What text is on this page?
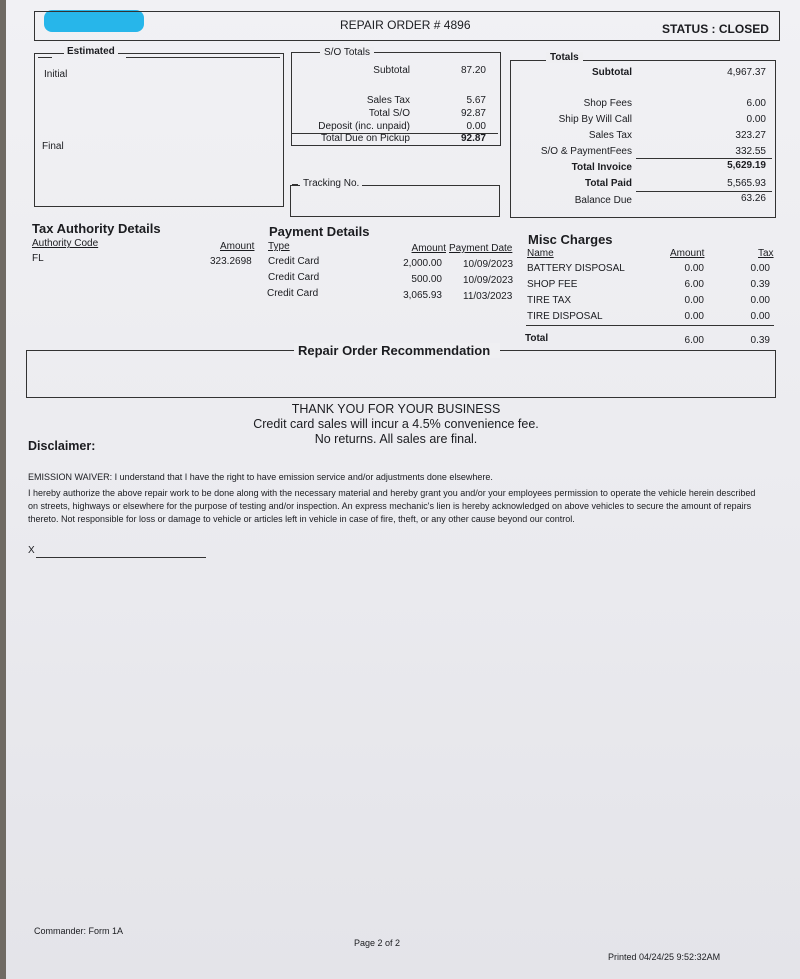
REPAIR ORDER # 4896	STATUS : CLOSED
Estimated
Initial
Final
S/O Totals
Subtotal	87.20
Sales Tax	5.67
Total S/O	92.87
Deposit (inc. unpaid)	0.00
Total Due on Pickup	92.87
Tracking No.
Totals
Subtotal	4,967.37
Shop Fees	6.00
Ship By Will Call	0.00
Sales Tax	323.27
S/O & PaymentFees	332.55
Total Invoice	5,629.19
Total Paid	5,565.93
Balance Due	63.26
Tax Authority Details
Authority Code	Amount
FL	323.2698
Payment Details
Type	Amount Payment Date
Credit Card	2,000.00 10/09/2023
Credit Card	500.00 10/09/2023
Credit Card	3,065.93 11/03/2023
Misc Charges
Name	Amount	Tax
BATTERY DISPOSAL	0.00	0.00
SHOP FEE	6.00	0.39
TIRE TAX	0.00	0.00
TIRE DISPOSAL	0.00	0.00
Total	6.00	0.39
Repair Order Recommendation
THANK YOU FOR YOUR BUSINESS
Credit card sales will incur a 4.5% convenience fee.
No returns. All sales are final.
Disclaimer:
EMISSION WAIVER: I understand that I have the right to have emission service and/or adjustments done elsewhere.
I hereby authorize the above repair work to be done along with the necessary material and hereby grant you and/or your employees permission to operate the vehicle herein described on streets, highways or elsewhere for the purpose of testing and/or inspection. An express mechanic's lien is hereby acknowledged on above vehicles to secure the amount of repairs thereto. Not responsible for loss or damage to vehicle or articles left in vehicle in case of fire, theft, or any other cause beyond our control.
X
Commander: Form 1A
Page 2 of 2
Printed 04/24/25 9:52:32AM
